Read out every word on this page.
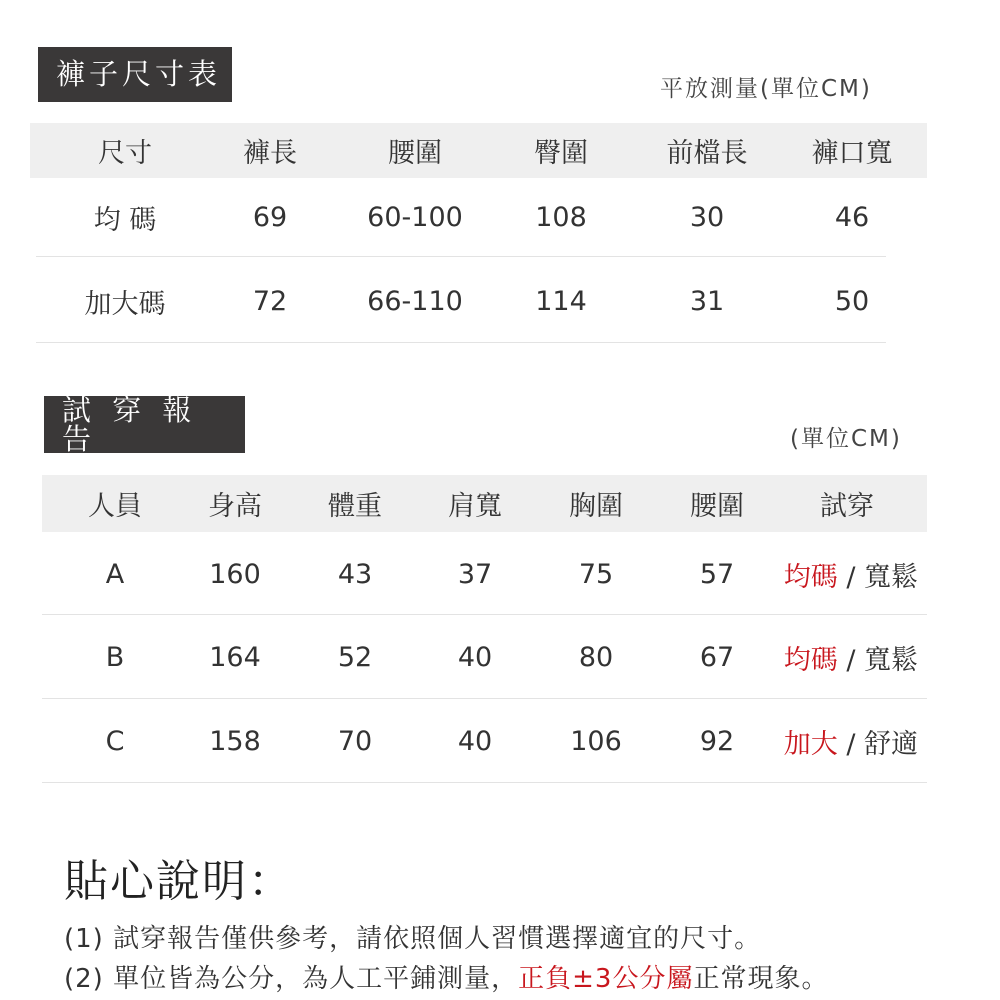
褲子尺寸表	平放測量(單位CM)
尺寸	褲長	腰圍	臀圍	前檔長 褲口寬
均 碼	69	60-100	108	30	46
加大碼	72	66-110	114	31	50
試 穿 報 告	(單位CM)
人員 身高 體重 肩寬 胸圍 腰圍	試穿
A	160	43	37	75	57 均碼 / 寬鬆
B	164	52	40	80	67 均碼 / 寬鬆
C	158	70	40	106	92 加大 / 舒適
貼心說明：
(1) 試穿報告僅供參考，請依照個人習慣選擇適宜的尺寸。
(2) 單位皆為公分，為人工平鋪測量，正負±3公分屬正常現象。
